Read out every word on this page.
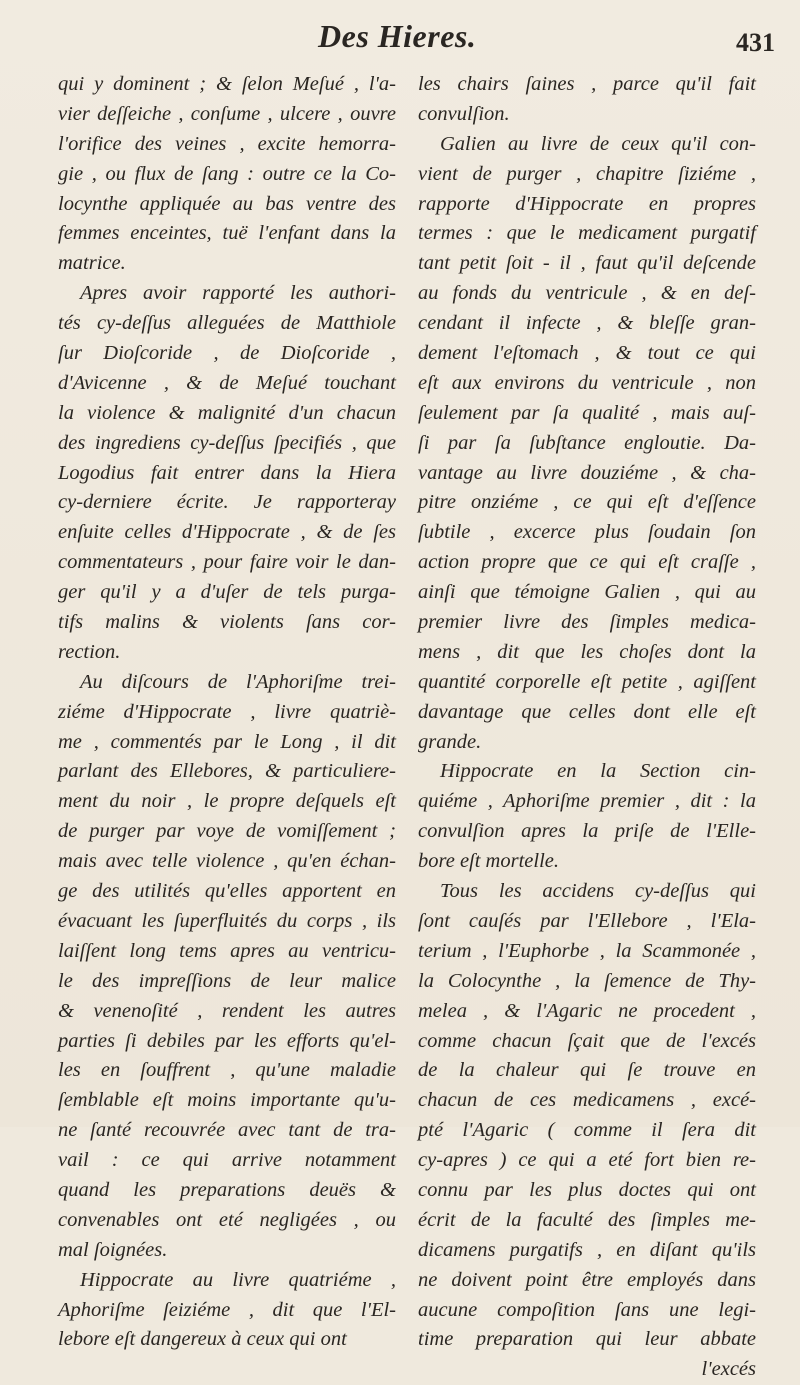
Des Hieres.	431
qui y dominent ; & ſelon Meſué , l'a-
vier deſſeiche , conſume , ulcere , ouvre
l'orifice des veines , excite hemorra-
gie , ou flux de ſang : outre ce la Co-
locynthe appliquée au bas ventre des
femmes enceintes, tuë l'enfant dans la
matrice.
Apres avoir rapporté les authori-
tés cy-deſſus alleguées de Matthiole
ſur Dioſcoride , de Dioſcoride ,
d'Avicenne , & de Meſué touchant
la violence & malignité d'un chacun
des ingrediens cy-deſſus ſpecifiés , que
Logodius fait entrer dans la Hiera
cy-derniere écrite. Je rapporteray
enſuite celles d'Hippocrate , & de ſes
commentateurs , pour faire voir le dan-
ger qu'il y a d'uſer de tels purga-
tifs malins & violents ſans cor-
rection.
Au diſcours de l'Aphoriſme trei-
ziéme d'Hippocrate , livre quatriè-
me , commentés par le Long , il dit
parlant des Ellebores, & particuliere-
ment du noir , le propre deſquels eſt
de purger par voye de vomiſſement ;
mais avec telle violence , qu'en échan-
ge des utilités qu'elles apportent en
évacuant les ſuperfluités du corps , ils
laiſſent long tems apres au ventricu-
le des impreſſions de leur malice
& venenoſité , rendent les autres
parties ſi debiles par les efforts qu'el-
les en ſouffrent , qu'une maladie
ſemblable eſt moins importante qu'u-
ne ſanté recouvrée avec tant de tra-
vail : ce qui arrive notamment
quand les preparations deuës &
convenables ont eté negligées , ou
mal ſoignées.
Hippocrate au livre quatriéme ,
Aphoriſme ſeiziéme , dit que l'El-
lebore eſt dangereux à ceux qui ont
les chairs ſaines , parce qu'il fait
convulſion.
Galien au livre de ceux qu'il con-
vient de purger , chapitre ſiziéme ,
rapporte d'Hippocrate en propres
termes : que le medicament purgatif
tant petit ſoit - il , faut qu'il deſcende
au fonds du ventricule , & en deſ-
cendant il infecte , & bleſſe gran-
dement l'eſtomach , & tout ce qui
eſt aux environs du ventricule , non
ſeulement par ſa qualité , mais auſ-
ſi par ſa ſubſtance engloutie. Da-
vantage au livre douziéme , & cha-
pitre onziéme , ce qui eſt d'eſſence
ſubtile , excerce plus ſoudain ſon
action propre que ce qui eſt craſſe ,
ainſi que témoigne Galien , qui au
premier livre des ſimples medica-
mens , dit que les choſes dont la
quantité corporelle eſt petite , agiſſent
davantage que celles dont elle eſt
grande.
Hippocrate en la Section cin-
quiéme , Aphoriſme premier , dit : la
convulſion apres la priſe de l'Elle-
bore eſt mortelle.
Tous les accidens cy-deſſus qui
ſont cauſés par l'Ellebore , l'Ela-
terium , l'Euphorbe , la Scammonée ,
la Colocynthe , la ſemence de Thy-
melea , & l'Agaric ne procedent ,
comme chacun ſçait que de l'excés
de la chaleur qui ſe trouve en
chacun de ces medicamens , excé-
pté l'Agaric ( comme il ſera dit
cy-apres ) ce qui a eté fort bien re-
connu par les plus doctes qui ont
écrit de la faculté des ſimples me-
dicamens purgatifs , en diſant qu'ils
ne doivent point être employés dans
aucune compoſition ſans une legi-
time preparation qui leur abbate
l'excés
